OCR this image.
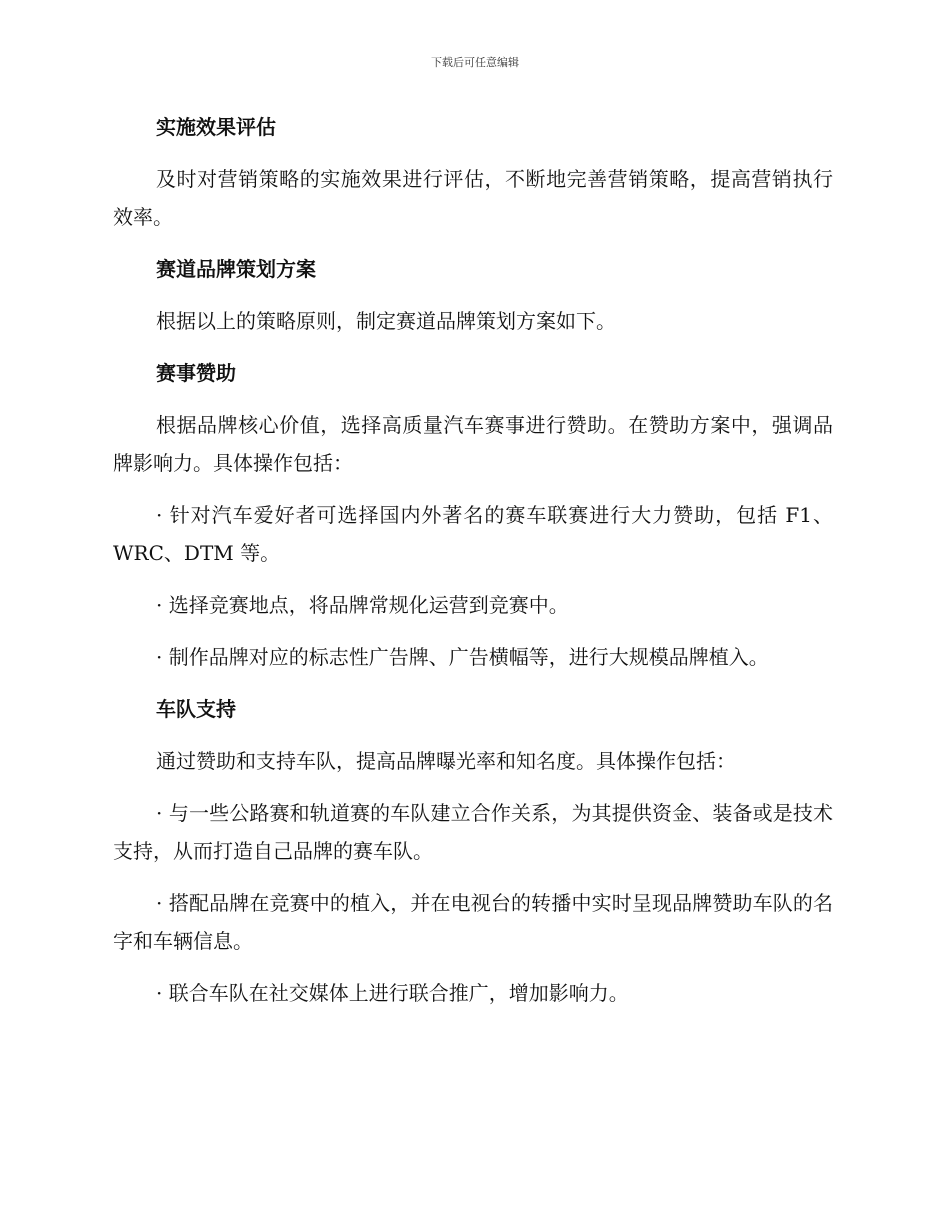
下载后可任意编辑
实施效果评估

及时对营销策略的实施效果进行评估，不断地完善营销策略，提高营销执行效率。

赛道品牌策划方案

根据以上的策略原则，制定赛道品牌策划方案如下。

赛事赞助

根据品牌核心价值，选择高质量汽车赛事进行赞助。在赞助方案中，强调品牌影响力。具体操作包括：

· 针对汽车爱好者可选择国内外著名的赛车联赛进行大力赞助，包括 F1、WRC、DTM 等。

· 选择竞赛地点，将品牌常规化运营到竞赛中。

· 制作品牌对应的标志性广告牌、广告横幅等，进行大规模品牌植入。

车队支持

通过赞助和支持车队，提高品牌曝光率和知名度。具体操作包括：

· 与一些公路赛和轨道赛的车队建立合作关系，为其提供资金、装备或是技术支持，从而打造自己品牌的赛车队。

· 搭配品牌在竞赛中的植入，并在电视台的转播中实时呈现品牌赞助车队的名字和车辆信息。

· 联合车队在社交媒体上进行联合推广，增加影响力。
